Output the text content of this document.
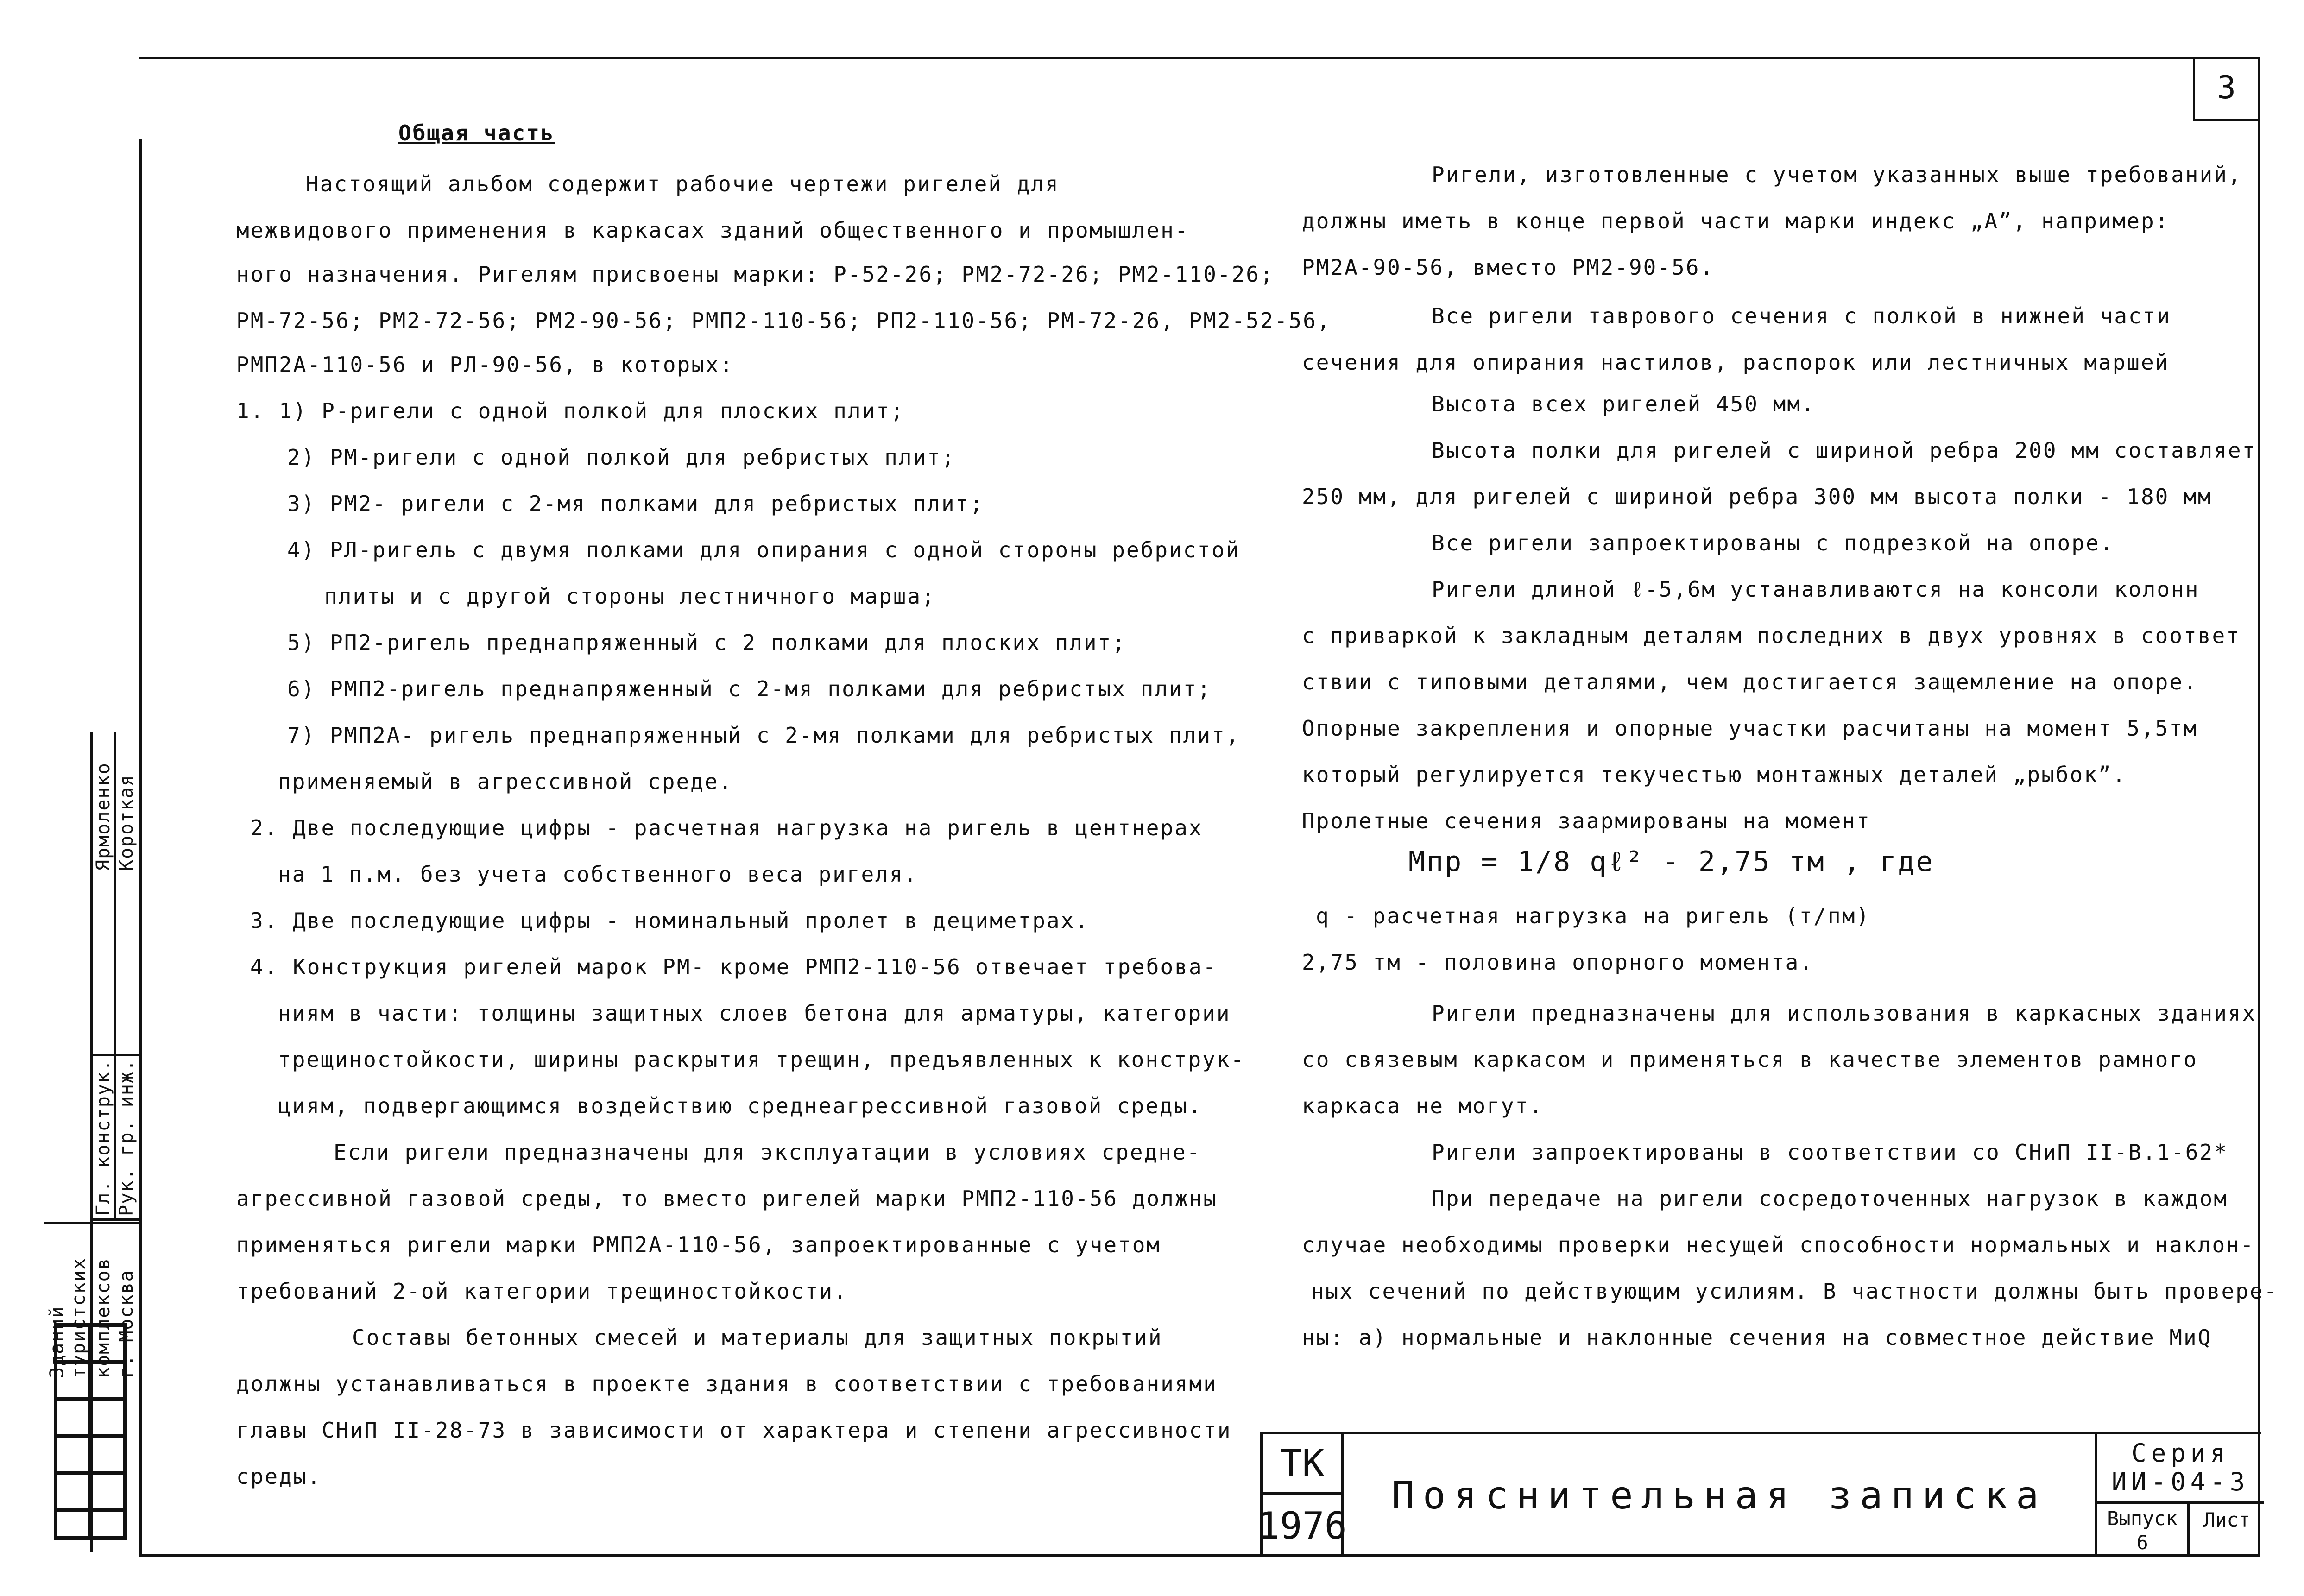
3

Общая часть

Настоящий альбом содержит рабочие чертежи ригелей для

межвидового применения в каркасах зданий общественного и промышлен-

ного назначения. Ригелям присвоены марки: Р-52-26; РМ2-72-26; РМ2-110-26;

РМ-72-56; РМ2-72-56; РМ2-90-56; РМП2-110-56; РП2-110-56; РМ-72-26, РМ2-52-56,

РМП2А-110-56 и РЛ-90-56, в которых:

1. 1) Р-ригели с одной полкой для плоских плит;

2) РМ-ригели с одной полкой для ребристых плит;

3) РМ2- ригели с 2-мя полками для ребристых плит;

4) РЛ-ригель с двумя полками для опирания с одной стороны ребристой

плиты и с другой стороны лестничного марша;

5) РП2-ригель преднапряженный с 2 полками для плоских плит;

6) РМП2-ригель преднапряженный с 2-мя полками для ребристых плит;

7) РМП2А- ригель преднапряженный с 2-мя полками для ребристых плит,

применяемый в агрессивной среде.

2. Две последующие цифры - расчетная нагрузка на ригель в центнерах

на 1 п.м. без учета собственного веса ригеля.

3. Две последующие цифры - номинальный пролет в дециметрах.

4. Конструкция ригелей марок РМ- кроме РМП2-110-56 отвечает требова-

ниям в части: толщины защитных слоев бетона для арматуры, категории

трещиностойкости, ширины раскрытия трещин, предъявленных к конструк-

циям, подвергающимся воздействию среднеагрессивной газовой среды.

Если ригели предназначены для эксплуатации в условиях средне-

агрессивной газовой среды, то вместо ригелей марки РМП2-110-56 должны

применяться ригели марки РМП2А-110-56, запроектированные с учетом

требований 2-ой категории трещиностойкости.

Составы бетонных смесей и материалы для защитных покрытий

должны устанавливаться в проекте здания в соответствии с требованиями

главы СНиП II-28-73 в зависимости от характера и степени агрессивности

среды.

Ригели, изготовленные с учетом указанных выше требований,

должны иметь в конце первой части марки индекс „А”, например:

РМ2А-90-56, вместо РМ2-90-56.

Все ригели таврового сечения с полкой в нижней части

сечения для опирания настилов, распорок или лестничных маршей

Высота всех ригелей 450 мм.

Высота полки для ригелей с шириной ребра 200 мм составляет

250 мм, для ригелей с шириной ребра 300 мм высота полки - 180 мм

Все ригели запроектированы с подрезкой на опоре.

Ригели длиной ℓ-5,6м устанавливаются на консоли колонн

с приваркой к закладным деталям последних в двух уровнях в соответ

ствии с типовыми деталями, чем достигается защемление на опоре.

Опорные закрепления и опорные участки расчитаны на момент 5,5тм

который регулируется текучестью монтажных деталей „рыбок”.

Пролетные сечения заармированы на момент

Мпр = 1/8 qℓ² - 2,75 тм , где

q - расчетная нагрузка на ригель (т/пм)

2,75 тм - половина опорного момента.

Ригели предназначены для использования в каркасных зданиях

со связевым каркасом и применяться в качестве элементов рамного

каркаса не могут.

Ригели запроектированы в соответствии со СНиП II-В.1-62*

При передаче на ригели сосредоточенных нагрузок в каждом

случае необходимы проверки несущей способности нормальных и наклон-

ных сечений по действующим усилиям. В частности должны быть провере-

ны: а) нормальные и наклонные сечения на совместное действие МиQ

Зданий туристских комплексов г. Москва
Гл. конструк. Рук. гр. инж.
Ярмоленко Короткая
ТК
1976
Пояснительная записка
Серия
ИИ-04-3
Выпуск
6
Лист
